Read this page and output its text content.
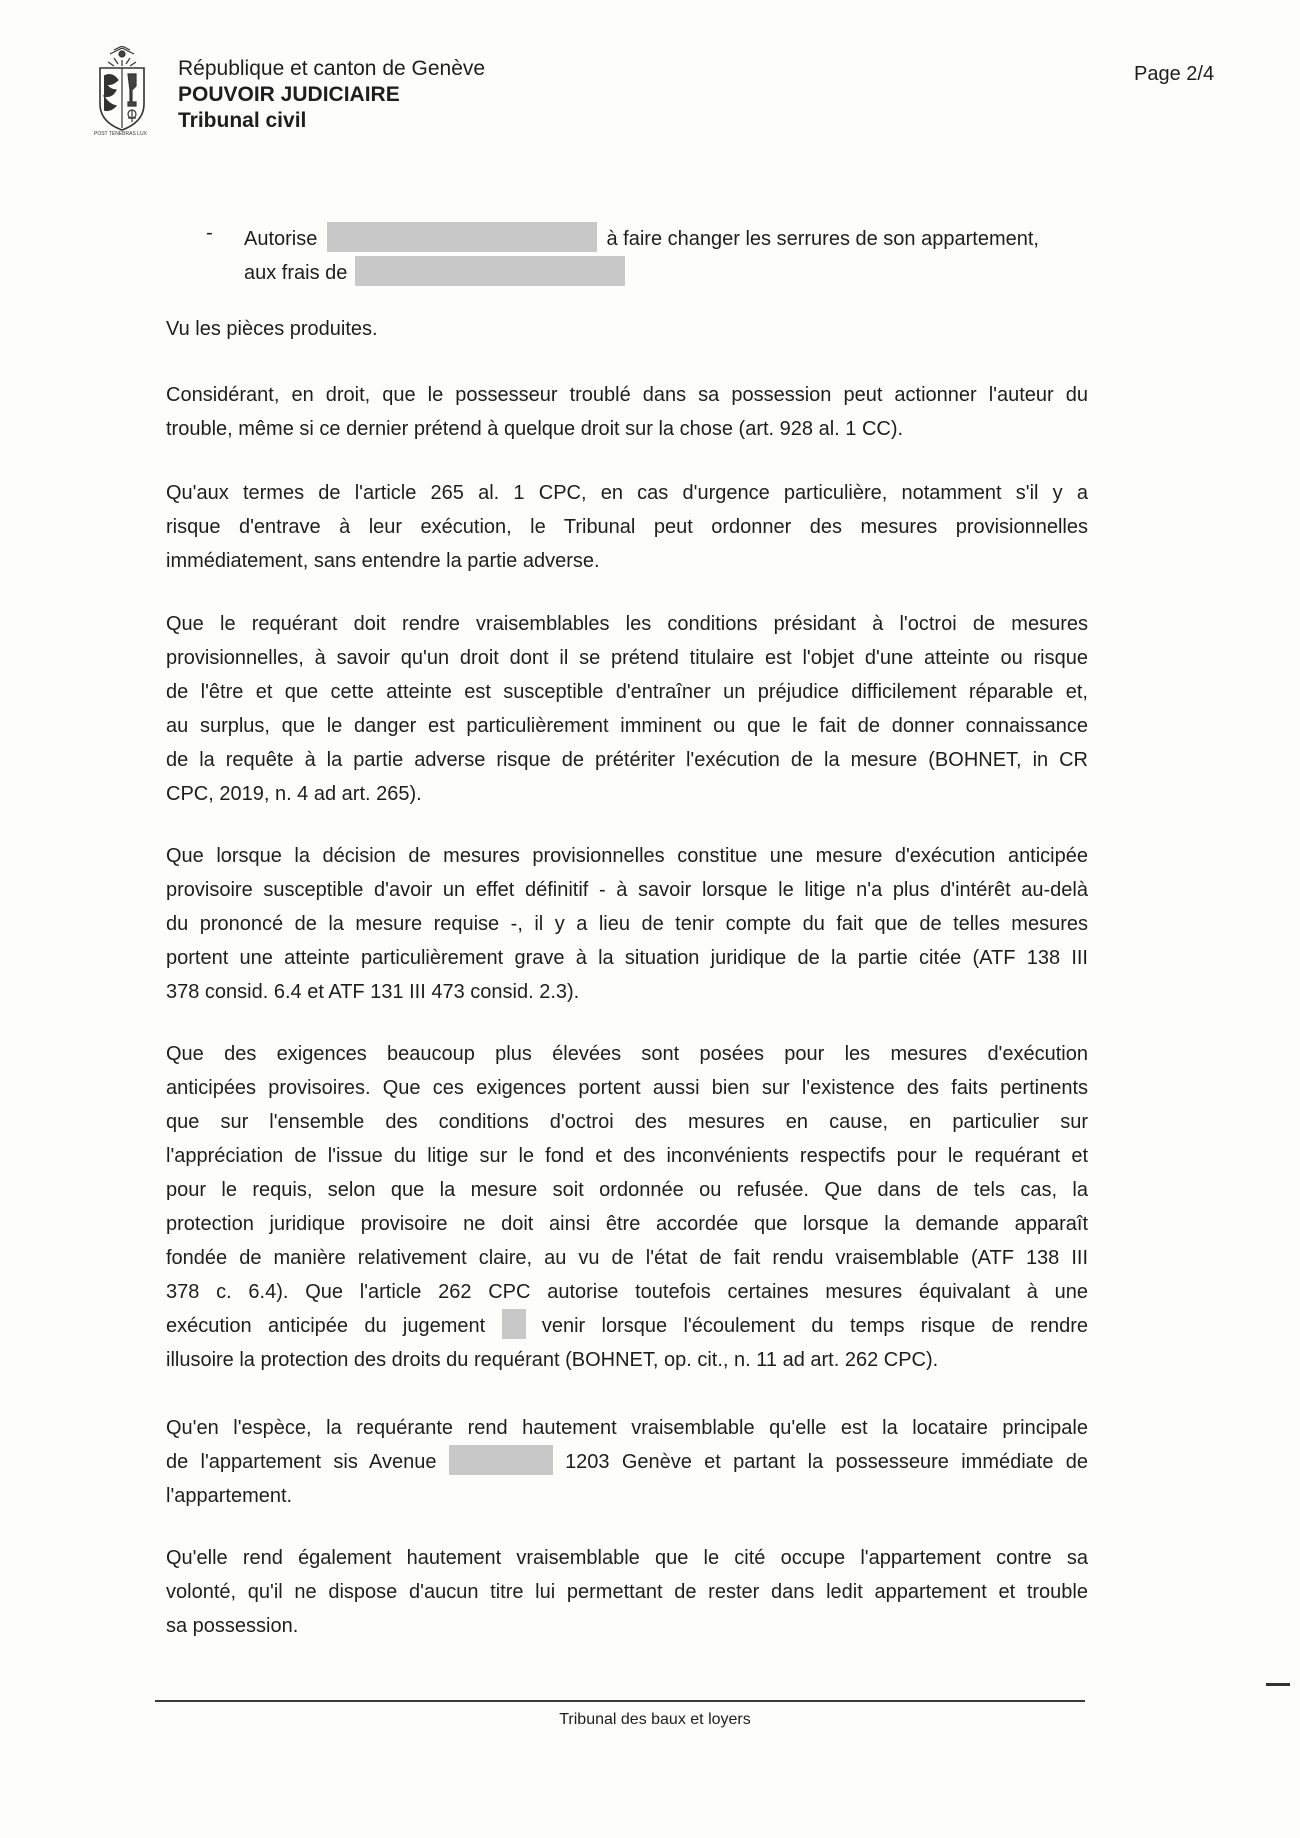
POST TENEBRAS LUX
République et canton de Genève
POUVOIR JUDICIAIRE
Tribunal civil
Page 2/4
- Autorise	à faire changer les serrures de son appartement,
aux frais de
Vu les pièces produites.
Considérant, en droit, que le possesseur troublé dans sa possession peut actionner l'auteur du
trouble, même si ce dernier prétend à quelque droit sur la chose (art. 928 al. 1 CC).
Qu'aux termes de l'article 265 al. 1 CPC, en cas d'urgence particulière, notamment s'il y a
risque d'entrave à leur exécution, le Tribunal peut ordonner des mesures provisionnelles
immédiatement, sans entendre la partie adverse.
Que le requérant doit rendre vraisemblables les conditions présidant à l'octroi de mesures
provisionnelles, à savoir qu'un droit dont il se prétend titulaire est l'objet d'une atteinte ou risque
de l'être et que cette atteinte est susceptible d'entraîner un préjudice difficilement réparable et,
au surplus, que le danger est particulièrement imminent ou que le fait de donner connaissance
de la requête à la partie adverse risque de prétériter l'exécution de la mesure (BOHNET, in CR
CPC, 2019, n. 4 ad art. 265).
Que lorsque la décision de mesures provisionnelles constitue une mesure d'exécution anticipée
provisoire susceptible d'avoir un effet définitif - à savoir lorsque le litige n'a plus d'intérêt au-delà
du prononcé de la mesure requise -, il y a lieu de tenir compte du fait que de telles mesures
portent une atteinte particulièrement grave à la situation juridique de la partie citée (ATF 138 III
378 consid. 6.4 et ATF 131 III 473 consid. 2.3).
Que des exigences beaucoup plus élevées sont posées pour les mesures d'exécution
anticipées provisoires. Que ces exigences portent aussi bien sur l'existence des faits pertinents
que sur l'ensemble des conditions d'octroi des mesures en cause, en particulier sur
l'appréciation de l'issue du litige sur le fond et des inconvénients respectifs pour le requérant et
pour le requis, selon que la mesure soit ordonnée ou refusée. Que dans de tels cas, la
protection juridique provisoire ne doit ainsi être accordée que lorsque la demande apparaît
fondée de manière relativement claire, au vu de l'état de fait rendu vraisemblable (ATF 138 III
378 c. 6.4). Que l'article 262 CPC autorise toutefois certaines mesures équivalant à une
exécution anticipée du jugement	venir lorsque l'écoulement du temps risque de rendre
illusoire la protection des droits du requérant (BOHNET, op. cit., n. 11 ad art. 262 CPC).
Qu'en l'espèce, la requérante rend hautement vraisemblable qu'elle est la locataire principale
de l'appartement sis Avenue	1203 Genève et partant la possesseure immédiate de
l'appartement.
Qu'elle rend également hautement vraisemblable que le cité occupe l'appartement contre sa
volonté, qu'il ne dispose d'aucun titre lui permettant de rester dans ledit appartement et trouble
sa possession.
Tribunal des baux et loyers
